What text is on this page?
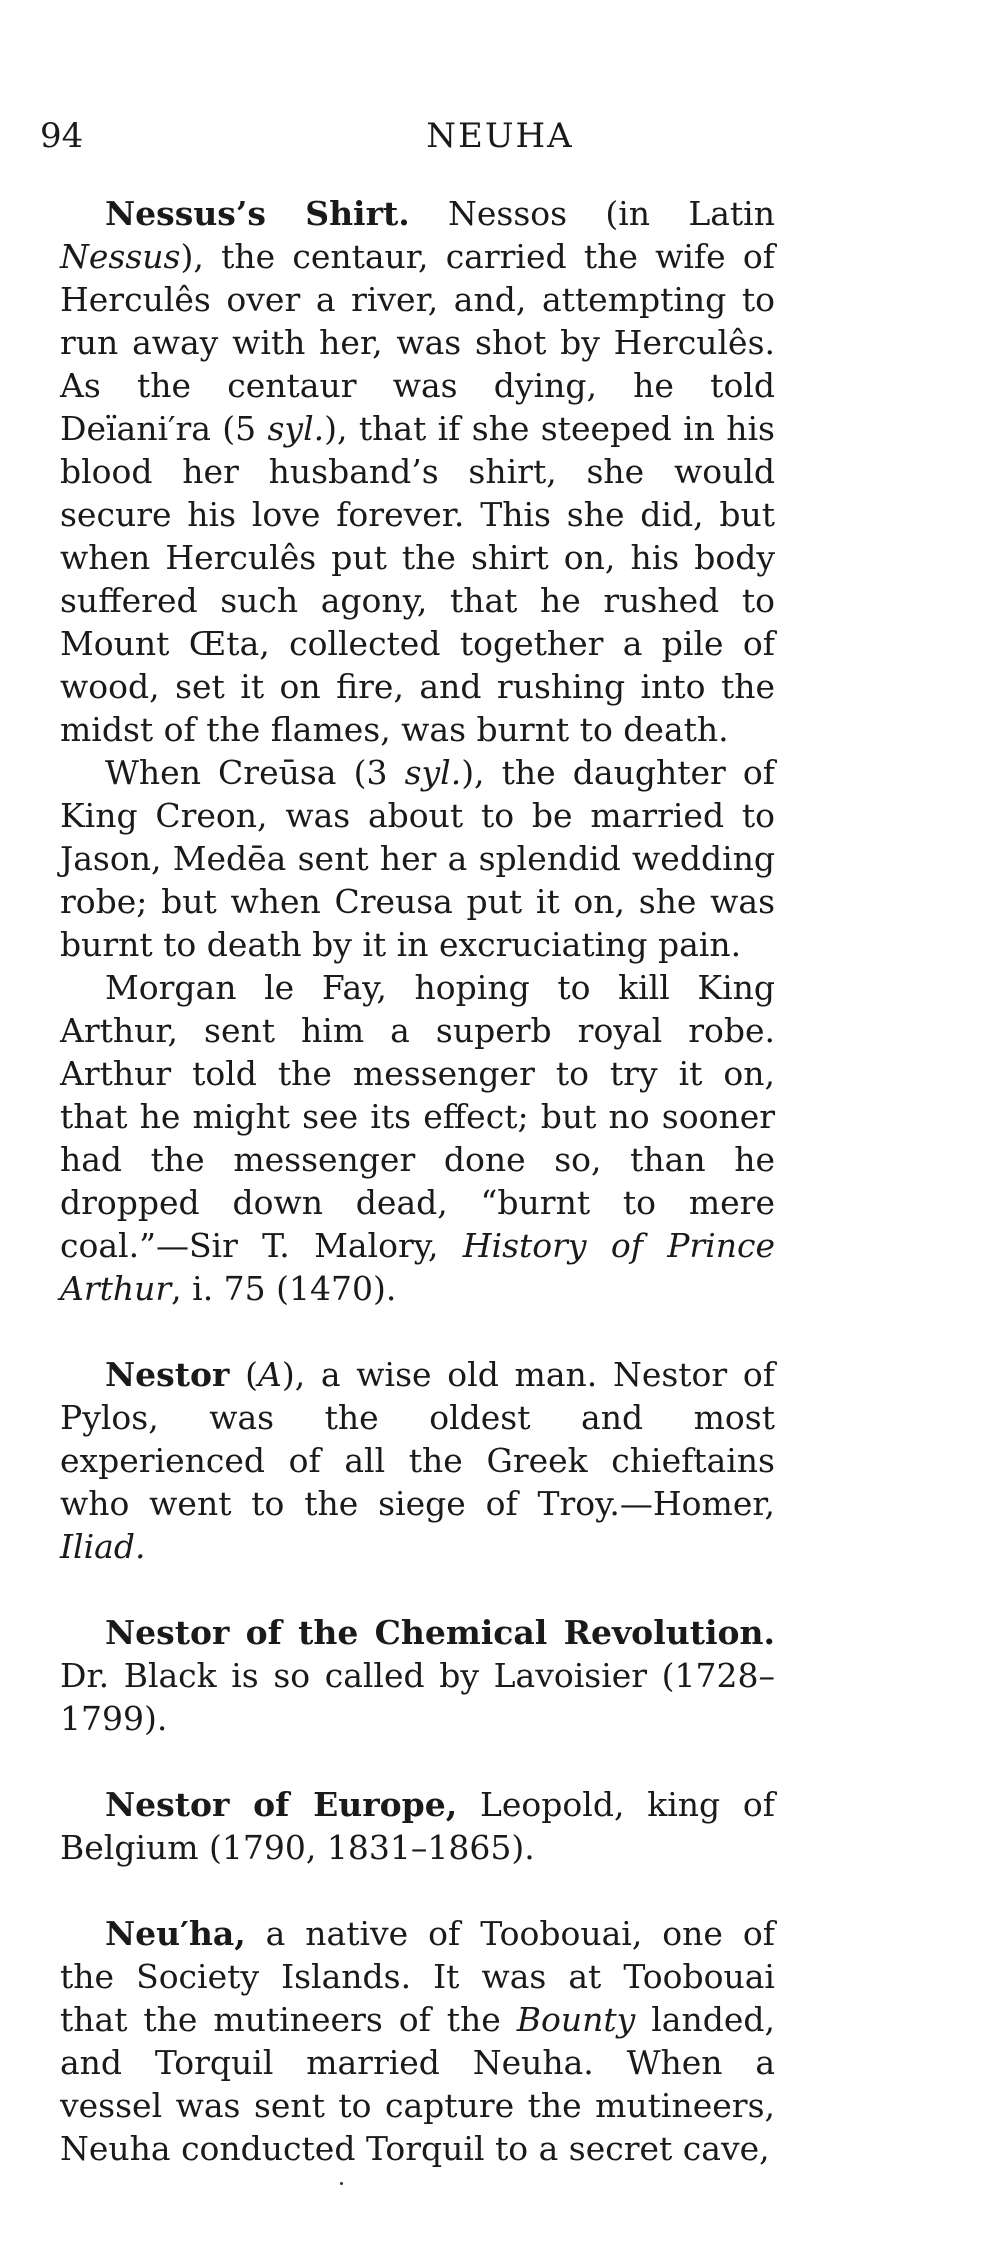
94	NEUHA

Nessus’s Shirt. Nessos (in Latin Nessus), the centaur, carried the wife of Herculês over a river, and, attempting to run away with her, was shot by Herculês. As the centaur was dying, he told Deïani′ra (5 syl.), that if she steeped in his blood her husband’s shirt, she would secure his love forever. This she did, but when Herculês put the shirt on, his body suffered such agony, that he rushed to Mount Œta, collected together a pile of wood, set it on fire, and rushing into the midst of the flames, was burnt to death.

When Creūsa (3 syl.), the daughter of King Creon, was about to be married to Jason, Medēa sent her a splendid wedding robe; but when Creusa put it on, she was burnt to death by it in excruciating pain.

Morgan le Fay, hoping to kill King Arthur, sent him a superb royal robe. Arthur told the messenger to try it on, that he might see its effect; but no sooner had the messenger done so, than he dropped down dead, “burnt to mere coal.”—Sir T. Malory, History of Prince Arthur, i. 75 (1470).

Nestor (A), a wise old man. Nestor of Pylos, was the oldest and most experienced of all the Greek chieftains who went to the siege of Troy.—Homer, Iliad.

Nestor of the Chemical Revolution. Dr. Black is so called by Lavoisier (1728–1799).

Nestor of Europe, Leopold, king of Belgium (1790, 1831–1865).

Neu′ha, a native of Toobouai, one of the Society Islands. It was at Toobouai that the mutineers of the Bounty landed, and Torquil married Neuha. When a vessel was sent to capture the mutineers, Neuha conducted Torquil to a secret cave,
